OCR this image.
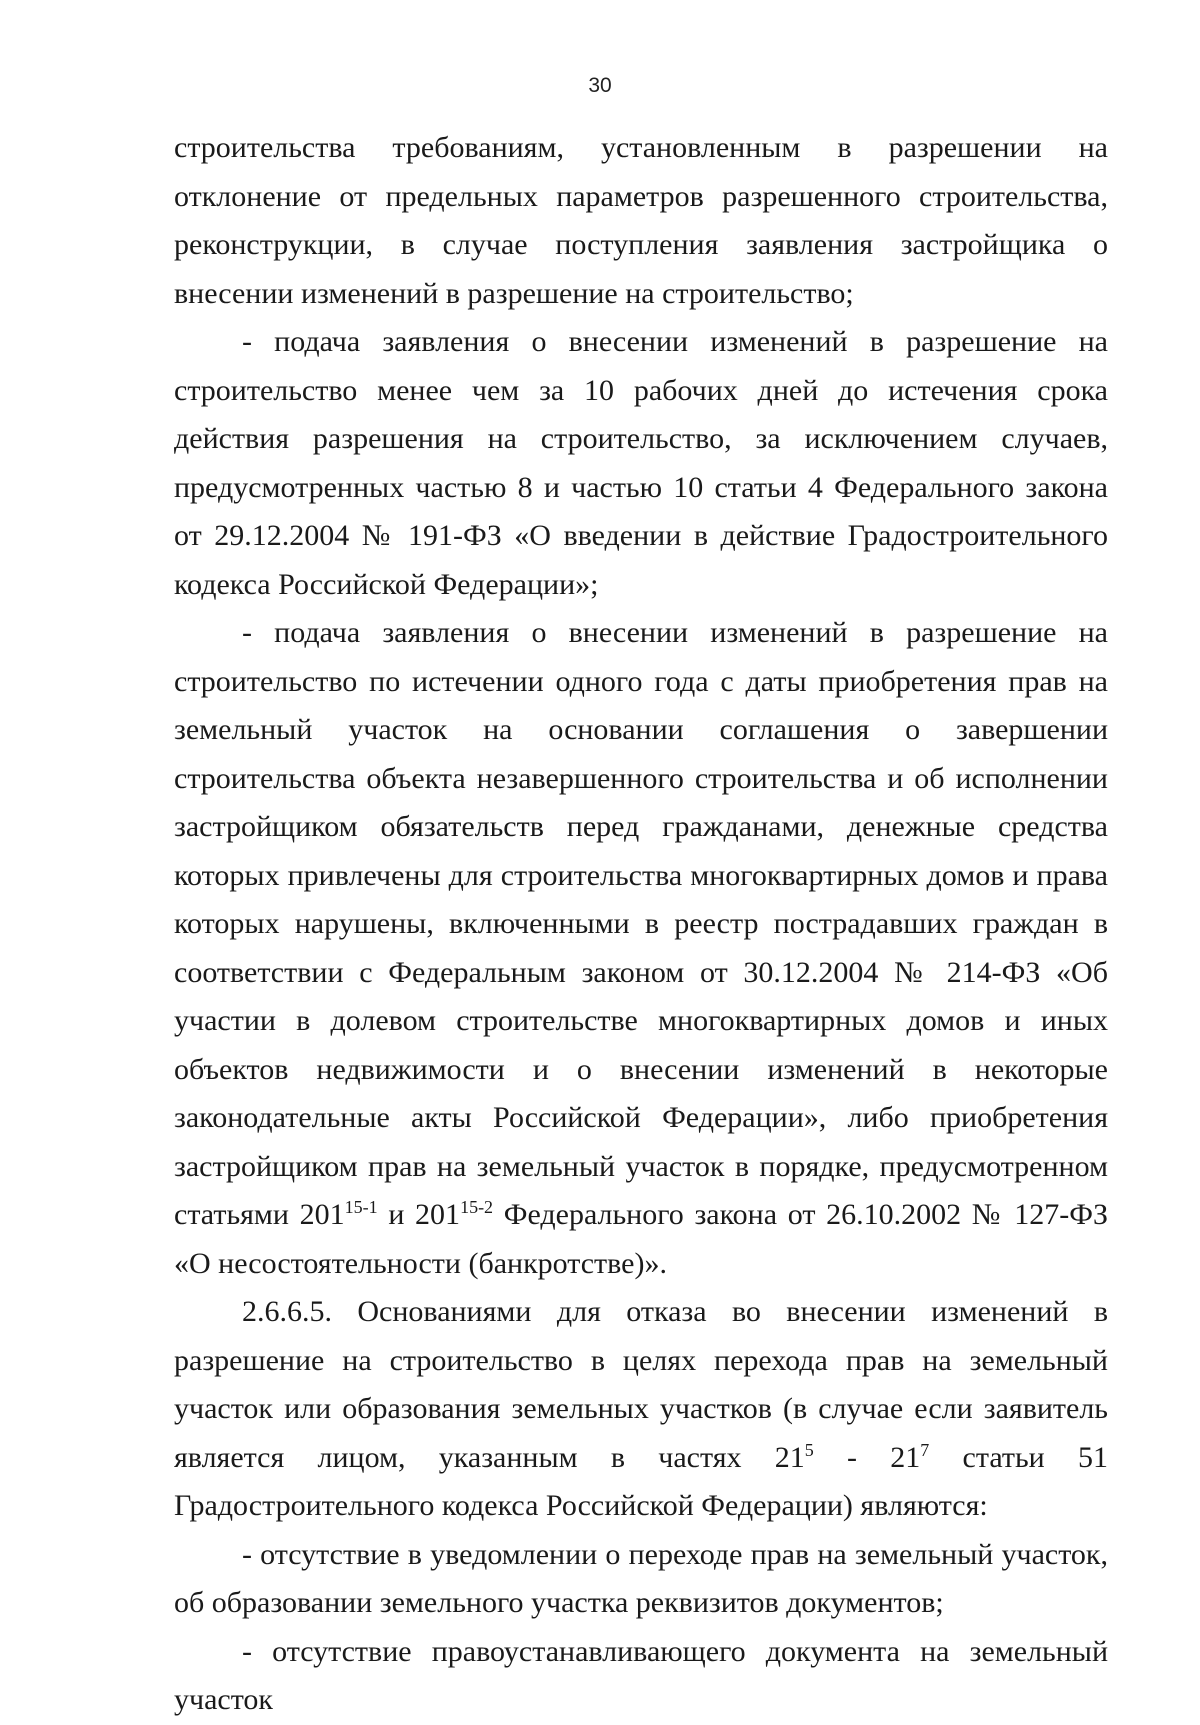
30

строительства требованиям, установленным в разрешении на отклонение от предельных параметров разрешенного строительства, реконструкции, в случае поступления заявления застройщика о внесении изменений в разрешение на строительство;

- подача заявления о внесении изменений в разрешение на строительство менее чем за 10 рабочих дней до истечения срока действия разрешения на строительство, за исключением случаев, предусмотренных частью 8 и частью 10 статьи 4 Федерального закона от 29.12.2004 № 191-ФЗ «О введении в действие Градостроительного кодекса Российской Федерации»;

- подача заявления о внесении изменений в разрешение на строительство по истечении одного года с даты приобретения прав на земельный участок на основании соглашения о завершении строительства объекта незавершенного строительства и об исполнении застройщиком обязательств перед гражданами, денежные средства которых привлечены для строительства многоквартирных домов и права которых нарушены, включенными в реестр пострадавших граждан в соответствии с Федеральным законом от 30.12.2004 № 214-ФЗ «Об участии в долевом строительстве многоквартирных домов и иных объектов недвижимости и о внесении изменений в некоторые законодательные акты Российской Федерации», либо приобретения застройщиком прав на земельный участок в порядке, предусмотренном статьями 201$^{15-1}$ и 201$^{15-2}$ Федерального закона от 26.10.2002 № 127-ФЗ «О несостоятельности (банкротстве)».

2.6.6.5. Основаниями для отказа во внесении изменений в разрешение на строительство в целях перехода прав на земельный участок или образования земельных участков (в случае если заявитель является лицом, указанным в частях $21^5 - 21^7$ статьи 51 Градостроительного кодекса Российской Федерации) являются:

- отсутствие в уведомлении о переходе прав на земельный участок, об образовании земельного участка реквизитов документов;

- отсутствие правоустанавливающего документа на земельный участок
